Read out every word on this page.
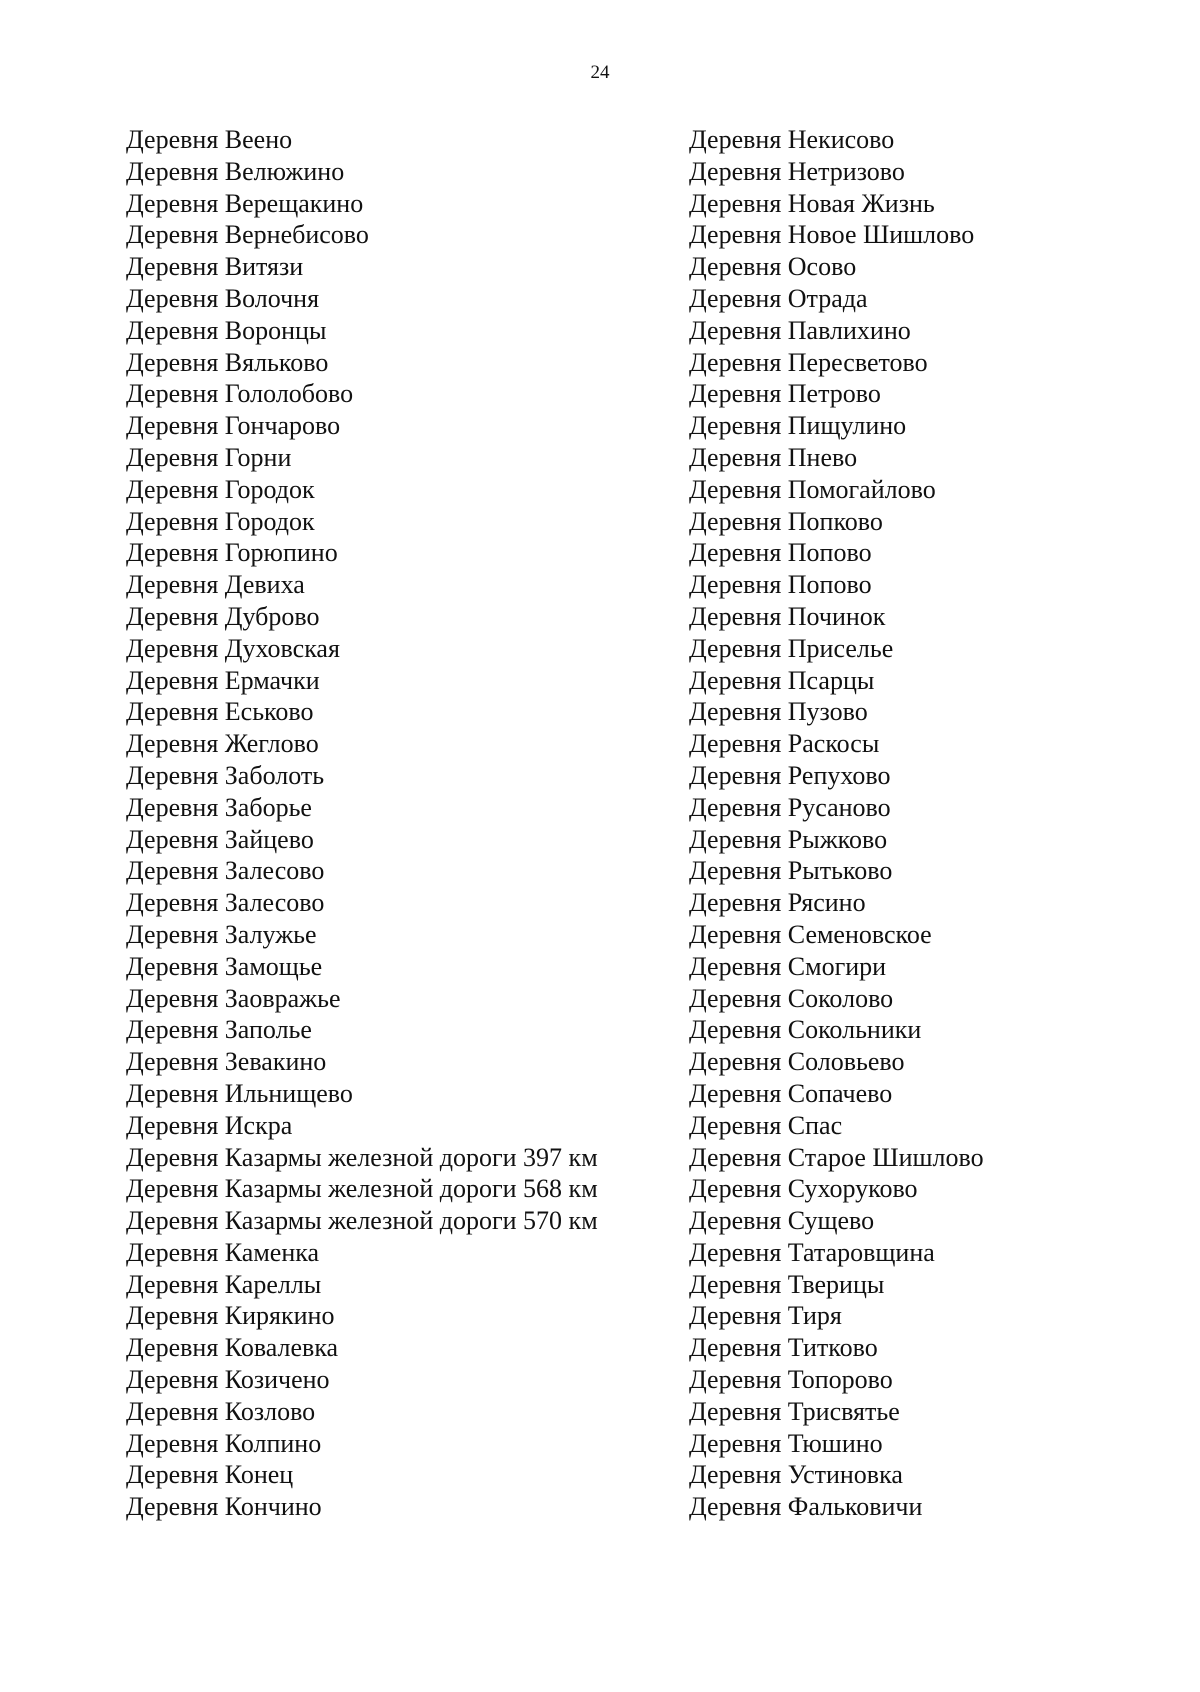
24
Деревня Веено
Деревня Велюжино
Деревня Верещакино
Деревня Вернебисово
Деревня Витязи
Деревня Волочня
Деревня Воронцы
Деревня Вяльково
Деревня Гололобово
Деревня Гончарово
Деревня Горни
Деревня Городок
Деревня Городок
Деревня Горюпино
Деревня Девиха
Деревня Дуброво
Деревня Духовская
Деревня Ермачки
Деревня Еськово
Деревня Жеглово
Деревня Заболоть
Деревня Заборье
Деревня Зайцево
Деревня Залесово
Деревня Залесово
Деревня Залужье
Деревня Замощье
Деревня Заовражье
Деревня Заполье
Деревня Зевакино
Деревня Ильнищево
Деревня Искра
Деревня Казармы железной дороги 397 км
Деревня Казармы железной дороги 568 км
Деревня Казармы железной дороги 570 км
Деревня Каменка
Деревня Кареллы
Деревня Кирякино
Деревня Ковалевка
Деревня Козичено
Деревня Козлово
Деревня Колпино
Деревня Конец
Деревня Кончино
Деревня Некисово
Деревня Нетризово
Деревня Новая Жизнь
Деревня Новое Шишлово
Деревня Осово
Деревня Отрада
Деревня Павлихино
Деревня Пересветово
Деревня Петрово
Деревня Пищулино
Деревня Пнево
Деревня Помогайлово
Деревня Попково
Деревня Попово
Деревня Попово
Деревня Починок
Деревня Приселье
Деревня Псарцы
Деревня Пузово
Деревня Раскосы
Деревня Репухово
Деревня Русаново
Деревня Рыжково
Деревня Рытьково
Деревня Рясино
Деревня Семеновское
Деревня Смогири
Деревня Соколово
Деревня Сокольники
Деревня Соловьево
Деревня Сопачево
Деревня Спас
Деревня Старое Шишлово
Деревня Сухоруково
Деревня Сущево
Деревня Татаровщина
Деревня Тверицы
Деревня Тиря
Деревня Титково
Деревня Топорово
Деревня Трисвятье
Деревня Тюшино
Деревня Устиновка
Деревня Фальковичи
